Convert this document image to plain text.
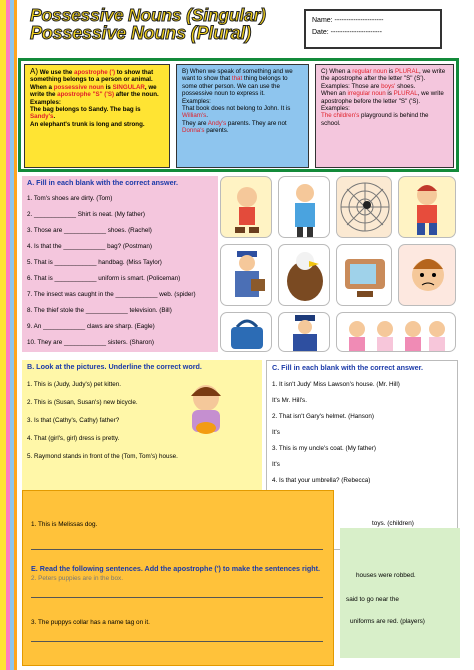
Possessive Nouns (Singular)
Possessive Nouns (Plural)
Name: ---------------------
Date: ----------------------
A) We use the apostrophe (') to show that something belongs to a person or animal. When a possessive noun is SINGULAR, we write the apostrophe "S" ('S) after the noun.
Examples:
The bag belongs to Sandy. The bag is Sandy's.
An elephant's trunk is long and strong.
B) When we speak of something and we want to show that that thing belongs to some other person. We can use the possessive noun to express it.
Examples:
That book does not belong to John. It is William's.
They are Andy's parents. They are not Donna's parents.
C) When a regular noun is PLURAL, we write the apostrophe after the letter "S" (S').
Examples: Those are boys' shoes.
When an irregular noun is PLURAL, we write apostrophe before the letter "S" ('S).
Examples:
The children's playground is behind the school.
A. Fill in each blank with the correct answer.
1. Tom's shoes are dirty. (Tom)
2. ____________ Shirt is neat. (My father)
3. Those are ____________ shoes. (Rachel)
4. Is that the ____________ bag? (Postman)
5. That is ____________ handbag. (Miss Taylor)
6. That is ____________ uniform is smart. (Policeman)
7. The insect was caught in the ____________ web. (spider)
8. The thief stole the ____________ television. (Bill)
9. An ____________ claws are sharp. (Eagle)
10. They are ____________ sisters. (Sharon)
B. Look at the pictures. Underline the correct word.
1. This is (Judy, Judy's) pet kitten.
2. This is (Susan, Susan's) new bicycle.
3. Is that (Cathy's, Cathy) father?
4. That (girl's, girl) dress is pretty.
5. Raymond stands in front of the (Tom, Tom's) house.
C. Fill in each blank with the correct answer.
1. It isn't Judy' Miss Lawson's house. (Mr. Hill)
It's Mr. Hill's.
2. That isn't Gary's helmet. (Hanson)
It's
3. This is my uncle's coat. (My father)
It's
4. Is that your umbrella? (Rebecca)
1. This is Melissas dog.
E. Read the following sentences. Add the apostrophe (') to make the sentences right.
2. Peters puppies are in the box.
3. The puppys collar has a name tag on it.
toys. (children)
houses were robbed.
said to go near the
uniforms are red. (players)
